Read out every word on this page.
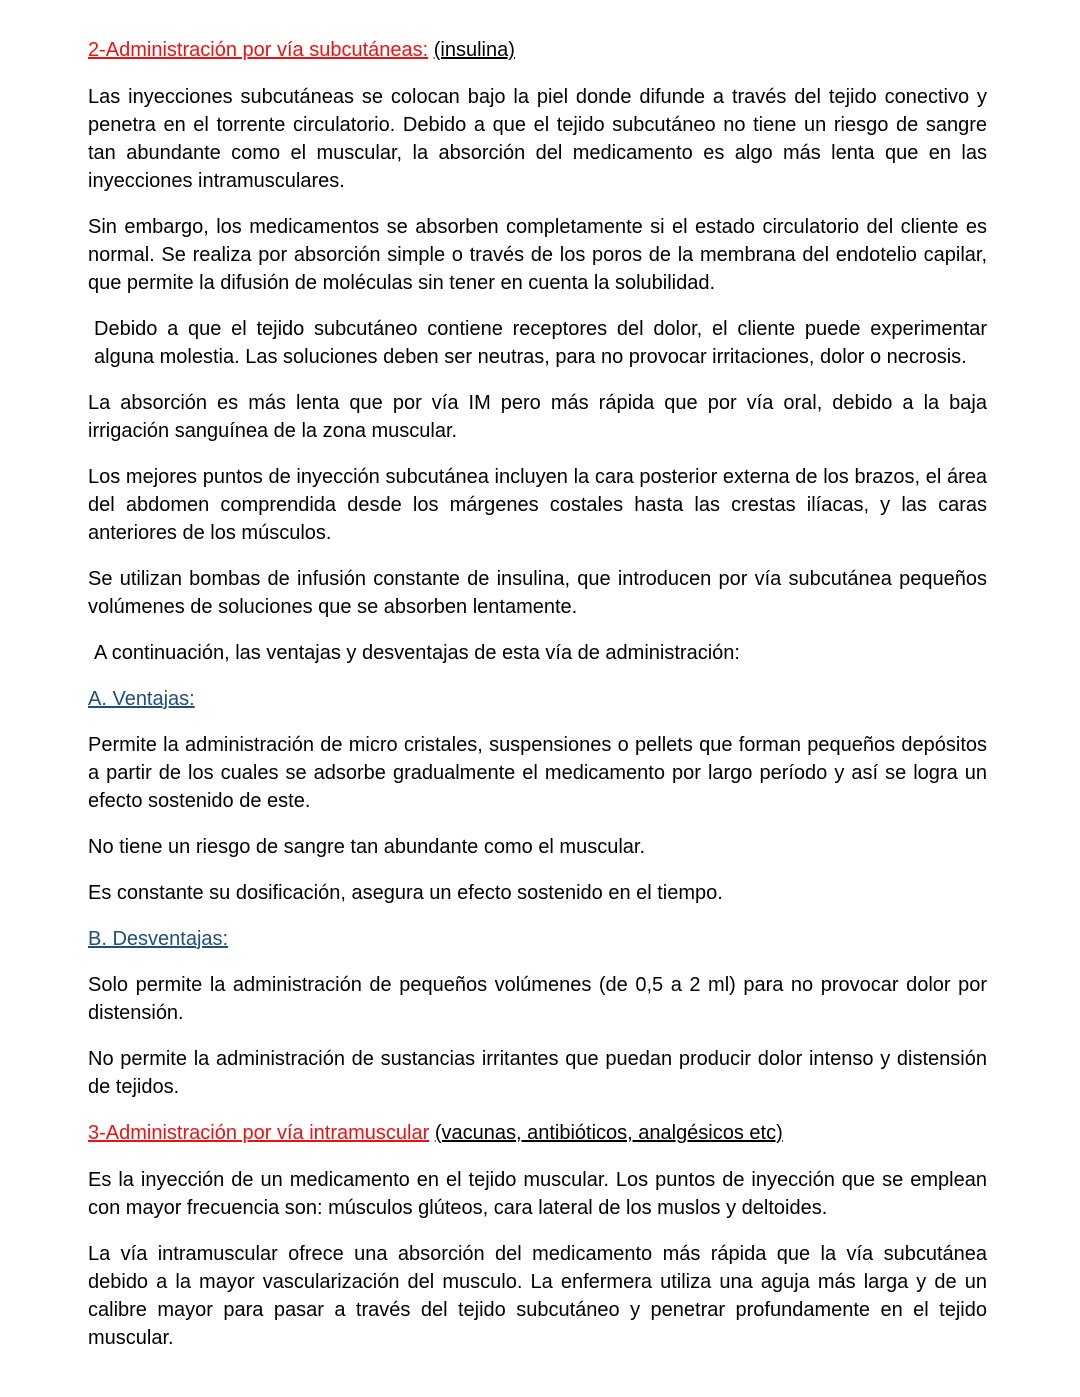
2-Administración por vía subcutáneas: (insulina)

Las inyecciones subcutáneas se colocan bajo la piel donde difunde a través del tejido conectivo y penetra en el torrente circulatorio. Debido a que el tejido subcutáneo no tiene un riesgo de sangre tan abundante como el muscular, la absorción del medicamento es algo más lenta que en las inyecciones intramusculares.

Sin embargo, los medicamentos se absorben completamente si el estado circulatorio del cliente es normal. Se realiza por absorción simple o través de los poros de la membrana del endotelio capilar, que permite la difusión de moléculas sin tener en cuenta la solubilidad.

Debido a que el tejido subcutáneo contiene receptores del dolor, el cliente puede experimentar alguna molestia. Las soluciones deben ser neutras, para no provocar irritaciones, dolor o necrosis.

La absorción es más lenta que por vía IM pero más rápida que por vía oral, debido a la baja irrigación sanguínea de la zona muscular.

Los mejores puntos de inyección subcutánea incluyen la cara posterior externa de los brazos, el área del abdomen comprendida desde los márgenes costales hasta las crestas ilíacas, y las caras anteriores de los músculos.

Se utilizan bombas de infusión constante de insulina, que introducen por vía subcutánea pequeños volúmenes de soluciones que se absorben lentamente.

A continuación, las ventajas y desventajas de esta vía de administración:

A. Ventajas:

Permite la administración de micro cristales, suspensiones o pellets que forman pequeños depósitos a partir de los cuales se adsorbe gradualmente el medicamento por largo período y así se logra un efecto sostenido de este.

No tiene un riesgo de sangre tan abundante como el muscular.

Es constante su dosificación, asegura un efecto sostenido en el tiempo.

B. Desventajas:

Solo permite la administración de pequeños volúmenes (de 0,5 a 2 ml) para no provocar dolor por distensión.

No permite la administración de sustancias irritantes que puedan producir dolor intenso y distensión de tejidos.

3-Administración por vía intramuscular (vacunas, antibióticos, analgésicos etc)

Es la inyección de un medicamento en el tejido muscular. Los puntos de inyección que se emplean con mayor frecuencia son: músculos glúteos, cara lateral de los muslos y deltoides.

La vía intramuscular ofrece una absorción del medicamento más rápida que la vía subcutánea debido a la mayor vascularización del musculo. La enfermera utiliza una aguja más larga y de un calibre mayor para pasar a través del tejido subcutáneo y penetrar profundamente en el tejido muscular.
